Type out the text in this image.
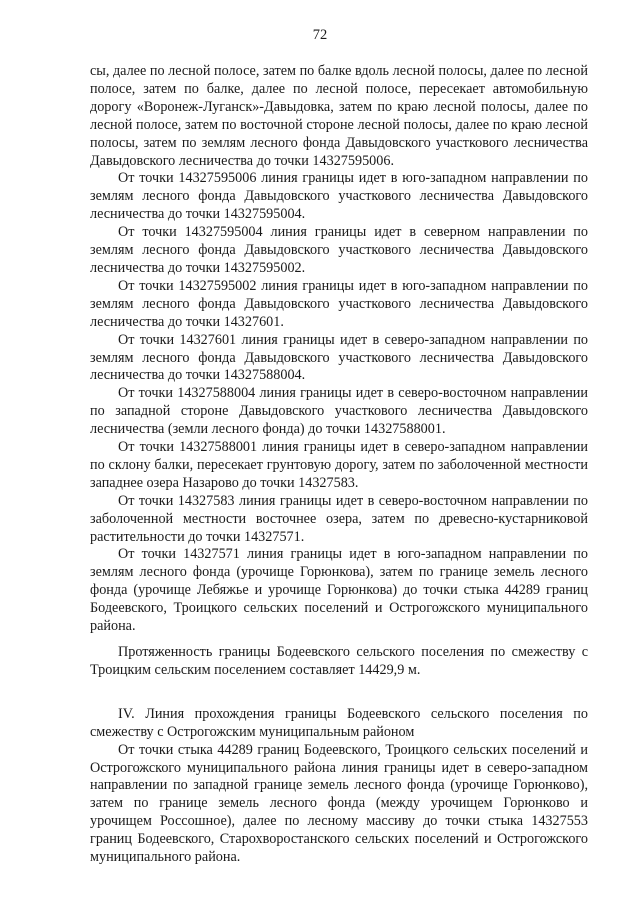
72

сы, далее по лесной полосе, затем по балке вдоль лесной полосы, далее по лесной полосе, затем по балке, далее по лесной полосе, пересекает автомобильную дорогу «Воронеж-Луганск»-Давыдовка, затем по краю лесной полосы, далее по лесной полосе, затем по восточной стороне лесной полосы, далее по краю лесной полосы, затем по землям лесного фонда Давыдовского участкового лесничества Давыдовского лесничества до точки 14327595006.

От точки 14327595006 линия границы идет в юго-западном направлении по землям лесного фонда Давыдовского участкового лесничества Давыдовского лесничества до точки 14327595004.

От точки 14327595004 линия границы идет в северном направлении по землям лесного фонда Давыдовского участкового лесничества Давыдовского лесничества до точки 14327595002.

От точки 14327595002 линия границы идет в юго-западном направлении по землям лесного фонда Давыдовского участкового лесничества Давыдовского лесничества до точки 14327601.

От точки 14327601 линия границы идет в северо-западном направлении по землям лесного фонда Давыдовского участкового лесничества Давыдовского лесничества до точки 14327588004.

От точки 14327588004 линия границы идет в северо-восточном направлении по западной стороне Давыдовского участкового лесничества Давыдовского лесничества (земли лесного фонда) до точки 14327588001.

От точки 14327588001 линия границы идет в северо-западном направлении по склону балки, пересекает грунтовую дорогу, затем по заболоченной местности западнее озера Назарово до точки 14327583.

От точки 14327583 линия границы идет в северо-восточном направлении по заболоченной местности восточнее озера, затем по древесно-кустарниковой растительности до точки 14327571.

От точки 14327571 линия границы идет в юго-западном направлении по землям лесного фонда (урочище Горюнкова), затем по границе земель лесного фонда (урочище Лебяжье и урочище Горюнкова) до точки стыка 44289 границ Бодеевского, Троицкого сельских поселений и Острогожского муниципального района.

Протяженность границы Бодеевского сельского поселения по смежеству с Троицким сельским поселением составляет 14429,9 м.

IV. Линия прохождения границы Бодеевского сельского поселения по смежеству с Острогожским муниципальным районом

От точки стыка 44289 границ Бодеевского, Троицкого сельских поселений и Острогожского муниципального района линия границы идет в северо-западном направлении по западной границе земель лесного фонда (урочище Горюнково), затем по границе земель лесного фонда (между урочищем Горюнково и урочищем Россошное), далее по лесному массиву до точки стыка 14327553 границ Бодеевского, Старохворостанского сельских поселений и Острогожского муниципального района.
